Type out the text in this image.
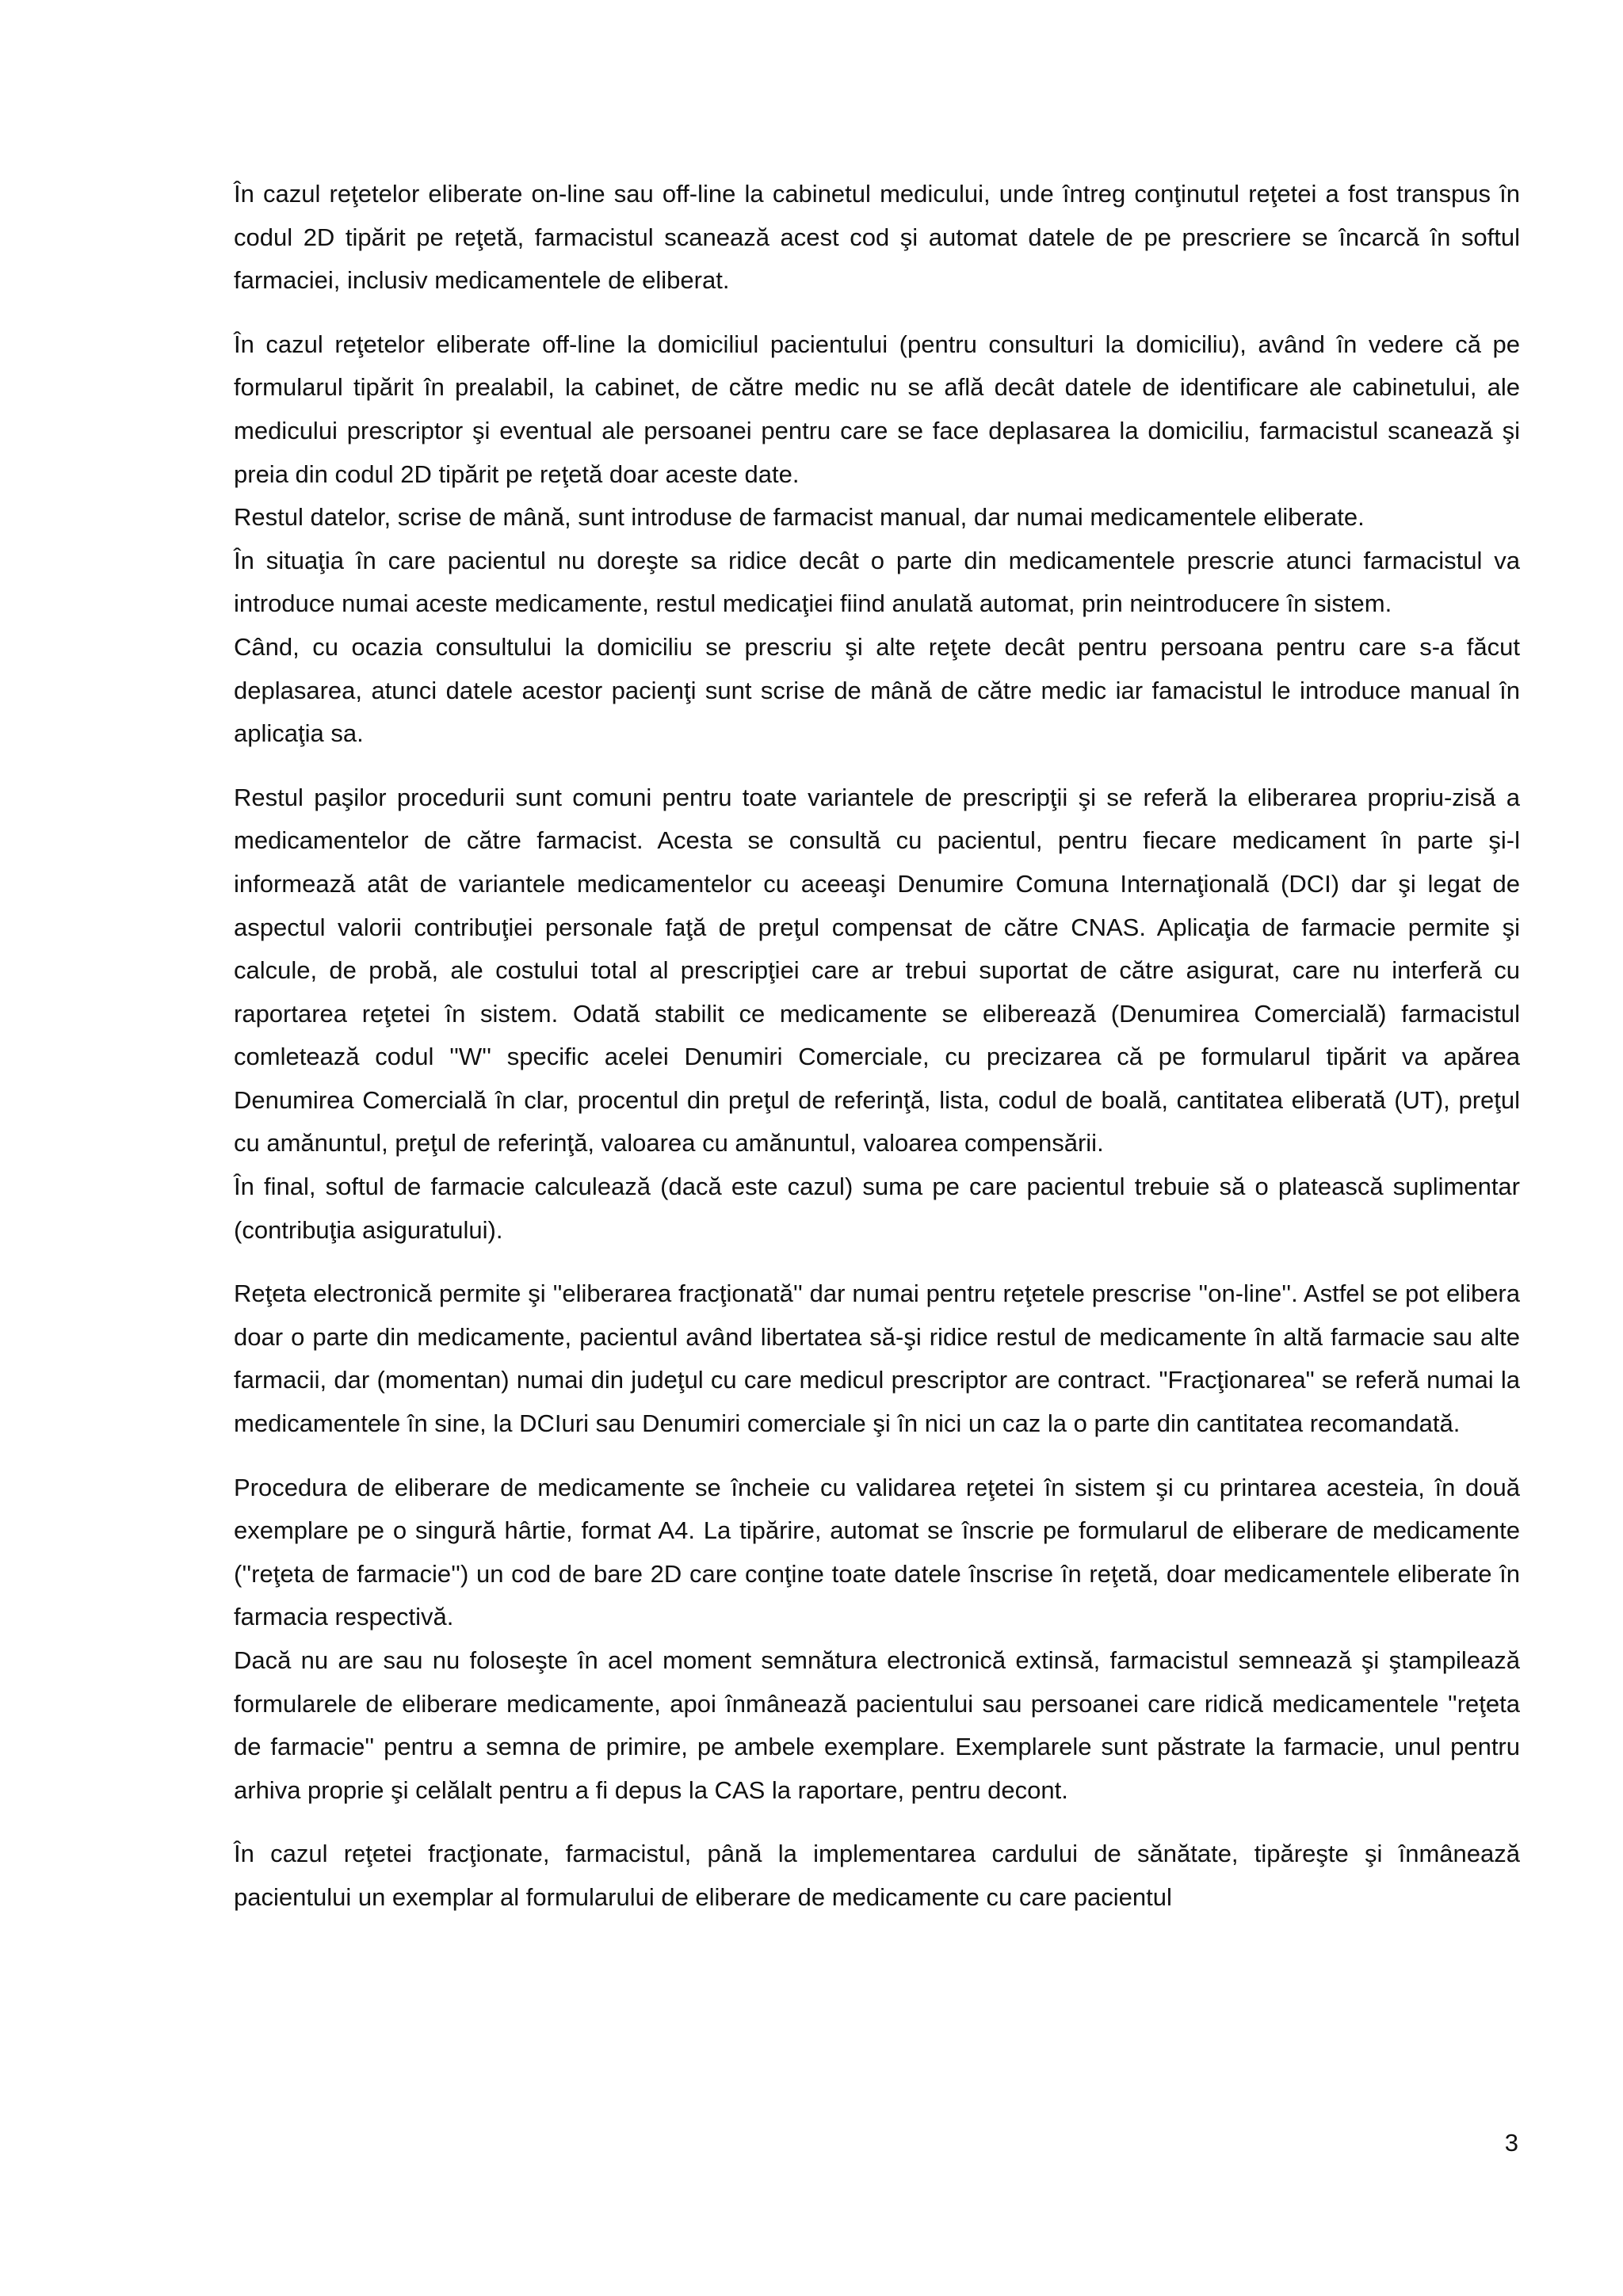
În cazul reţetelor eliberate on-line sau off-line la cabinetul medicului, unde întreg conţinutul reţetei a fost transpus în codul 2D tipărit pe reţetă, farmacistul scanează acest cod şi automat datele de pe prescriere se încarcă în softul farmaciei, inclusiv medicamentele de eliberat.

În cazul reţetelor eliberate off-line la domiciliul pacientului (pentru consulturi la domiciliu), având în vedere că pe formularul tipărit în prealabil, la cabinet, de către medic nu se află decât datele de identificare ale cabinetului, ale medicului prescriptor şi eventual ale persoanei pentru care se face deplasarea la domiciliu, farmacistul scanează şi preia din codul 2D tipărit pe reţetă doar aceste date.

Restul datelor, scrise de mână, sunt introduse de farmacist manual, dar numai medicamentele eliberate.

În situaţia în care pacientul nu doreşte sa ridice decât o parte din medicamentele prescrie atunci farmacistul va introduce numai aceste medicamente, restul medicaţiei fiind anulată automat, prin neintroducere în sistem.

Când, cu ocazia consultului la domiciliu se prescriu şi alte reţete decât pentru persoana pentru care s-a făcut deplasarea, atunci datele acestor pacienţi sunt scrise de mână de către medic iar famacistul le introduce manual în aplicaţia sa.

Restul paşilor procedurii sunt comuni pentru toate variantele de prescripţii şi se referă la eliberarea propriu-zisă a medicamentelor de către farmacist. Acesta se consultă cu pacientul, pentru fiecare medicament în parte şi-l informează atât de variantele medicamentelor cu aceeaşi Denumire Comuna Internaţională (DCI) dar şi legat de aspectul valorii contribuţiei personale faţă de preţul compensat de către CNAS. Aplicaţia de farmacie permite şi calcule, de probă, ale costului total al prescripţiei care ar trebui suportat de către asigurat, care nu interferă cu raportarea reţetei în sistem. Odată stabilit ce medicamente se eliberează (Denumirea Comercială) farmacistul comletează codul ''W'' specific acelei Denumiri Comerciale, cu precizarea că pe formularul tipărit va apărea Denumirea Comercială în clar, procentul din preţul de referinţă, lista, codul de boală, cantitatea eliberată (UT), preţul cu amănuntul, preţul de referinţă, valoarea cu amănuntul, valoarea compensării.

În final, softul de farmacie calculează (dacă este cazul) suma pe care pacientul trebuie să o platească suplimentar (contribuţia asiguratului).

Reţeta electronică permite şi ''eliberarea fracţionată'' dar numai pentru reţetele prescrise ''on-line''. Astfel se pot elibera doar o parte din medicamente, pacientul având libertatea să-şi ridice restul de medicamente în altă farmacie sau alte farmacii, dar (momentan) numai din judeţul cu care medicul prescriptor are contract. "Fracţionarea" se referă numai la medicamentele în sine, la DCIuri sau Denumiri comerciale şi în nici un caz la o parte din cantitatea recomandată.

Procedura de eliberare de medicamente se încheie cu validarea reţetei în sistem şi cu printarea acesteia, în două exemplare pe o singură hârtie, format A4. La tipărire, automat se înscrie pe formularul de eliberare de medicamente (''reţeta de farmacie'') un cod de bare 2D care conţine toate datele înscrise în reţetă, doar medicamentele eliberate în farmacia respectivă.

Dacă nu are sau nu foloseşte în acel moment semnătura electronică extinsă, farmacistul semnează şi ştampilează formularele de eliberare medicamente, apoi înmânează pacientului sau persoanei care ridică medicamentele ''reţeta de farmacie'' pentru a semna de primire, pe ambele exemplare. Exemplarele sunt păstrate la farmacie, unul pentru arhiva proprie şi celălalt pentru a fi depus la CAS la raportare, pentru decont.

În cazul reţetei fracţionate, farmacistul, până la implementarea cardului de sănătate, tipăreşte şi înmânează pacientului un exemplar al formularului de eliberare de medicamente cu care pacientul

3
